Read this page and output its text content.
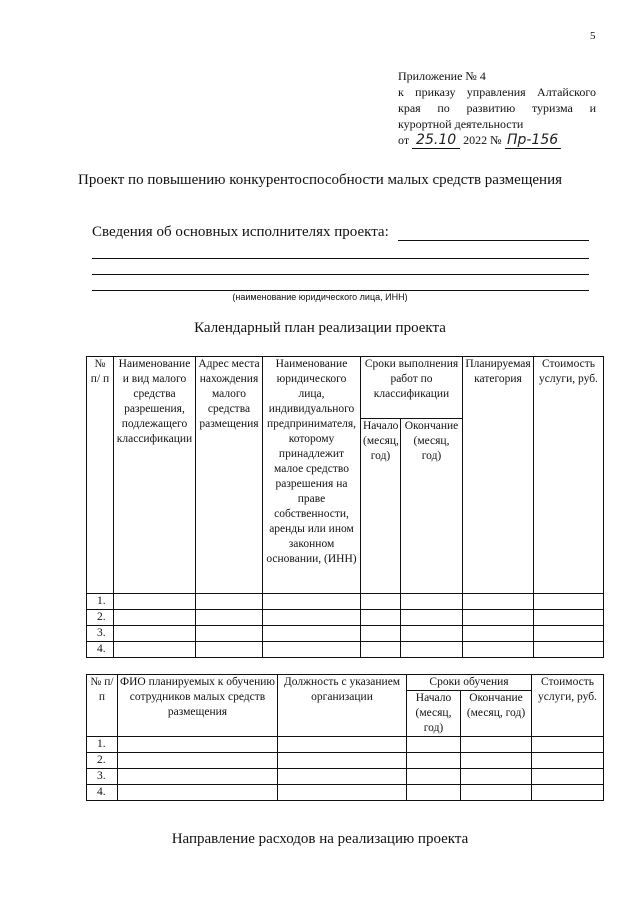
5
Приложение № 4
к приказу управления Алтайского
края по развитию туризма и
курортной деятельности
от 25.10 2022 № Пр-156
Проект по повышению конкурентоспособности малых средств размещения
Сведения об основных исполнителях проекта:
(наименование юридического лица, ИНН)
Календарный план реализации проекта
№ п/ п	Наименование и вид малого средства разрешения, подлежащего классификации	Адрес места нахождения малого средства размещения	Наименование юридического лица, индивидуального предпринимателя, которому принадлежит малое средство разрешения на праве собственности, аренды или ином законном основании, (ИНН)	Сроки выполнения работ по классификации		Планируемая категория	Стоимость услуги, руб.
				Начало (месяц, год)	Окончание (месяц, год)		
1.							
2.							
3.							
4.							
№ п/п	ФИО планируемых к обучению сотрудников малых средств размещения	Должность с указанием организации	Сроки обучения		Стоимость услуги, руб.
			Начало (месяц, год)	Окончание (месяц, год)	
1.					
2.					
3.					
4.					
Направление расходов на реализацию проекта
